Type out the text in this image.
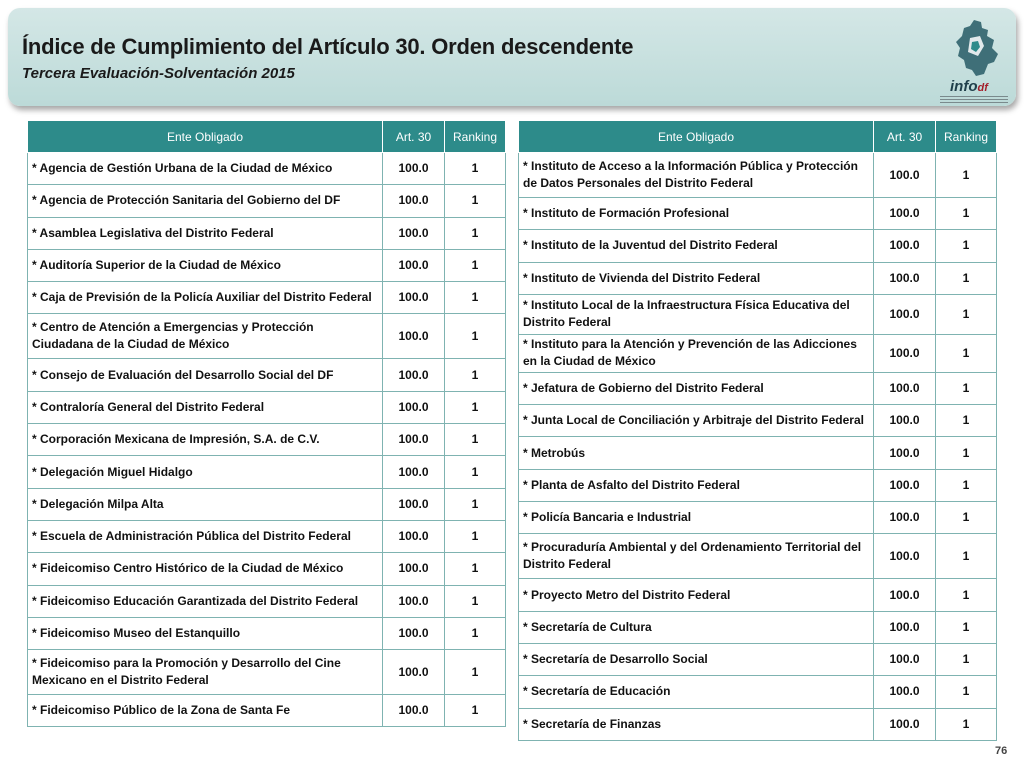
Índice de Cumplimiento del Artículo 30. Orden descendente
Tercera Evaluación-Solventación 2015
infodf
Ente Obligado	Art. 30	Ranking
* Agencia de Gestión Urbana de la Ciudad de México	100.0	1
* Agencia de Protección Sanitaria del Gobierno del DF	100.0	1
* Asamblea Legislativa del Distrito Federal	100.0	1
* Auditoría Superior de la Ciudad de México	100.0	1
* Caja de Previsión de la Policía Auxiliar del Distrito Federal	100.0	1
* Centro de Atención a Emergencias y Protección Ciudadana de la Ciudad de México	100.0	1
* Consejo de Evaluación del Desarrollo Social del DF	100.0	1
* Contraloría General del Distrito Federal	100.0	1
* Corporación Mexicana de Impresión, S.A. de C.V.	100.0	1
* Delegación Miguel Hidalgo	100.0	1
* Delegación Milpa Alta	100.0	1
* Escuela de Administración Pública del Distrito Federal	100.0	1
* Fideicomiso Centro Histórico de la Ciudad de México	100.0	1
* Fideicomiso Educación Garantizada del Distrito Federal	100.0	1
* Fideicomiso Museo del Estanquillo	100.0	1
* Fideicomiso para la Promoción y Desarrollo del Cine Mexicano en el Distrito Federal	100.0	1
* Fideicomiso Público de la Zona de Santa Fe	100.0	1
Ente Obligado	Art. 30	Ranking
* Instituto de Acceso a la Información Pública y Protección de Datos Personales del Distrito Federal	100.0	1
* Instituto de Formación Profesional	100.0	1
* Instituto de la Juventud del Distrito Federal	100.0	1
* Instituto de Vivienda del Distrito Federal	100.0	1
* Instituto Local de la Infraestructura Física Educativa del Distrito Federal	100.0	1
* Instituto para la Atención y Prevención de las Adicciones en la Ciudad de México	100.0	1
* Jefatura de Gobierno del Distrito Federal	100.0	1
* Junta Local de Conciliación y Arbitraje del Distrito Federal	100.0	1
* Metrobús	100.0	1
* Planta de Asfalto del Distrito Federal	100.0	1
* Policía Bancaria e Industrial	100.0	1
* Procuraduría Ambiental y del Ordenamiento Territorial del Distrito Federal	100.0	1
* Proyecto Metro del Distrito Federal	100.0	1
* Secretaría de Cultura	100.0	1
* Secretaría de Desarrollo Social	100.0	1
* Secretaría de Educación	100.0	1
* Secretaría de Finanzas	100.0	1
76
